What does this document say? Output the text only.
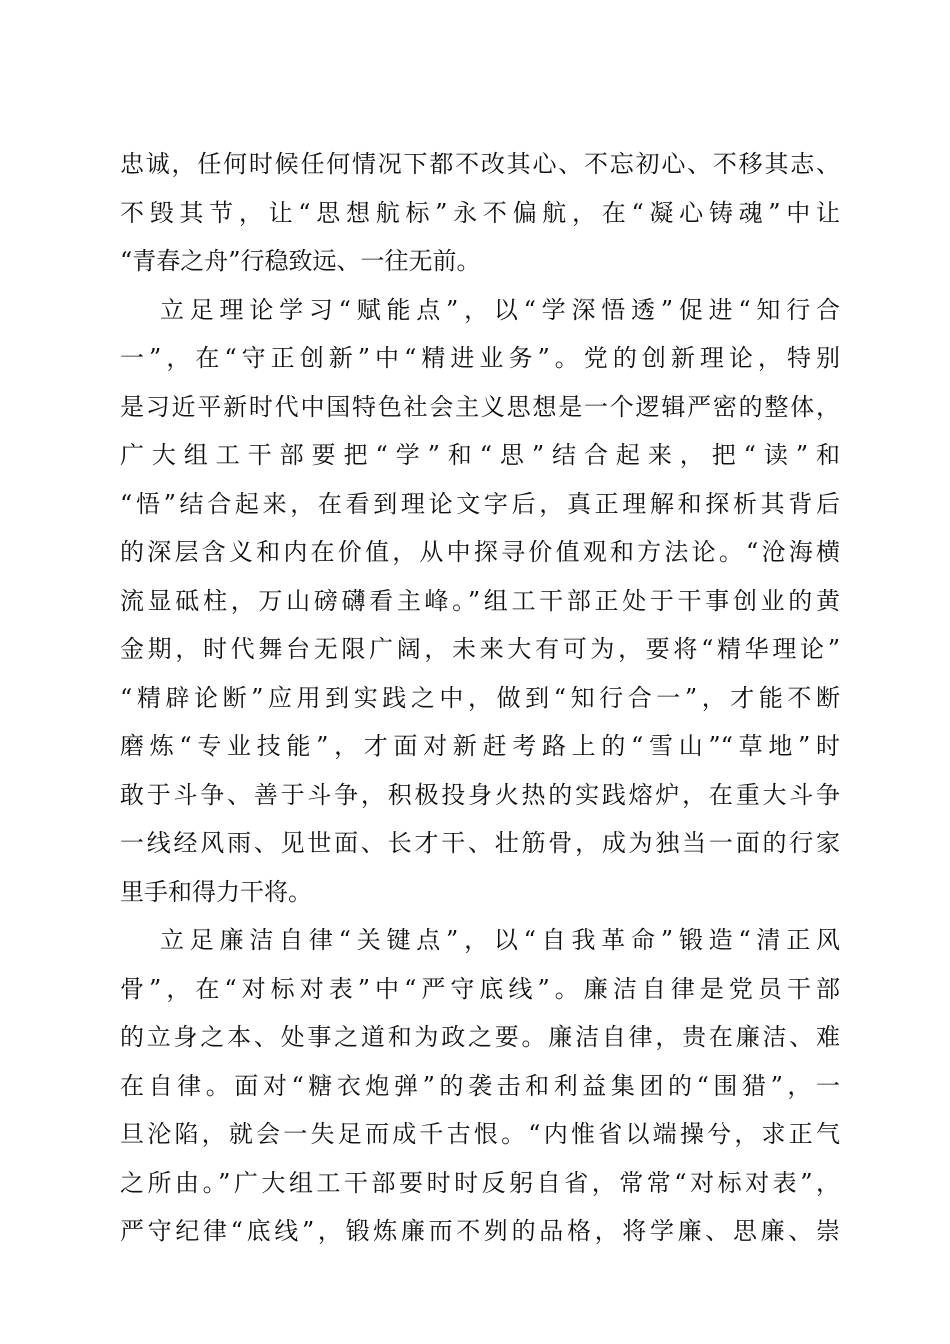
忠诚，任何时候任何情况下都不改其心、不忘初心、不移其志、
不毁其节，让“思想航标”永不偏航，在“凝心铸魂”中让
“青春之舟”行稳致远、一往无前。
立足理论学习“赋能点”，以“学深悟透”促进“知行合
一”，在“守正创新”中“精进业务”。党的创新理论，特别
是习近平新时代中国特色社会主义思想是一个逻辑严密的整体，
广大组工干部要把“学”和“思”结合起来，把“读”和
“悟”结合起来，在看到理论文字后，真正理解和探析其背后
的深层含义和内在价值，从中探寻价值观和方法论。“沧海横
流显砥柱，万山磅礴看主峰。”组工干部正处于干事创业的黄
金期，时代舞台无限广阔，未来大有可为，要将“精华理论”
“精辟论断”应用到实践之中，做到“知行合一”，才能不断
磨炼“专业技能”，才面对新赶考路上的“雪山”“草地”时
敢于斗争、善于斗争，积极投身火热的实践熔炉，在重大斗争
一线经风雨、见世面、长才干、壮筋骨，成为独当一面的行家
里手和得力干将。
立足廉洁自律“关键点”，以“自我革命”锻造“清正风
骨”，在“对标对表”中“严守底线”。廉洁自律是党员干部
的立身之本、处事之道和为政之要。廉洁自律，贵在廉洁、难
在自律。面对“糖衣炮弹”的袭击和利益集团的“围猎”，一
旦沦陷，就会一失足而成千古恨。“内惟省以端操兮，求正气
之所由。”广大组工干部要时时反躬自省，常常“对标对表”，
严守纪律“底线”，锻炼廉而不刿的品格，将学廉、思廉、崇
